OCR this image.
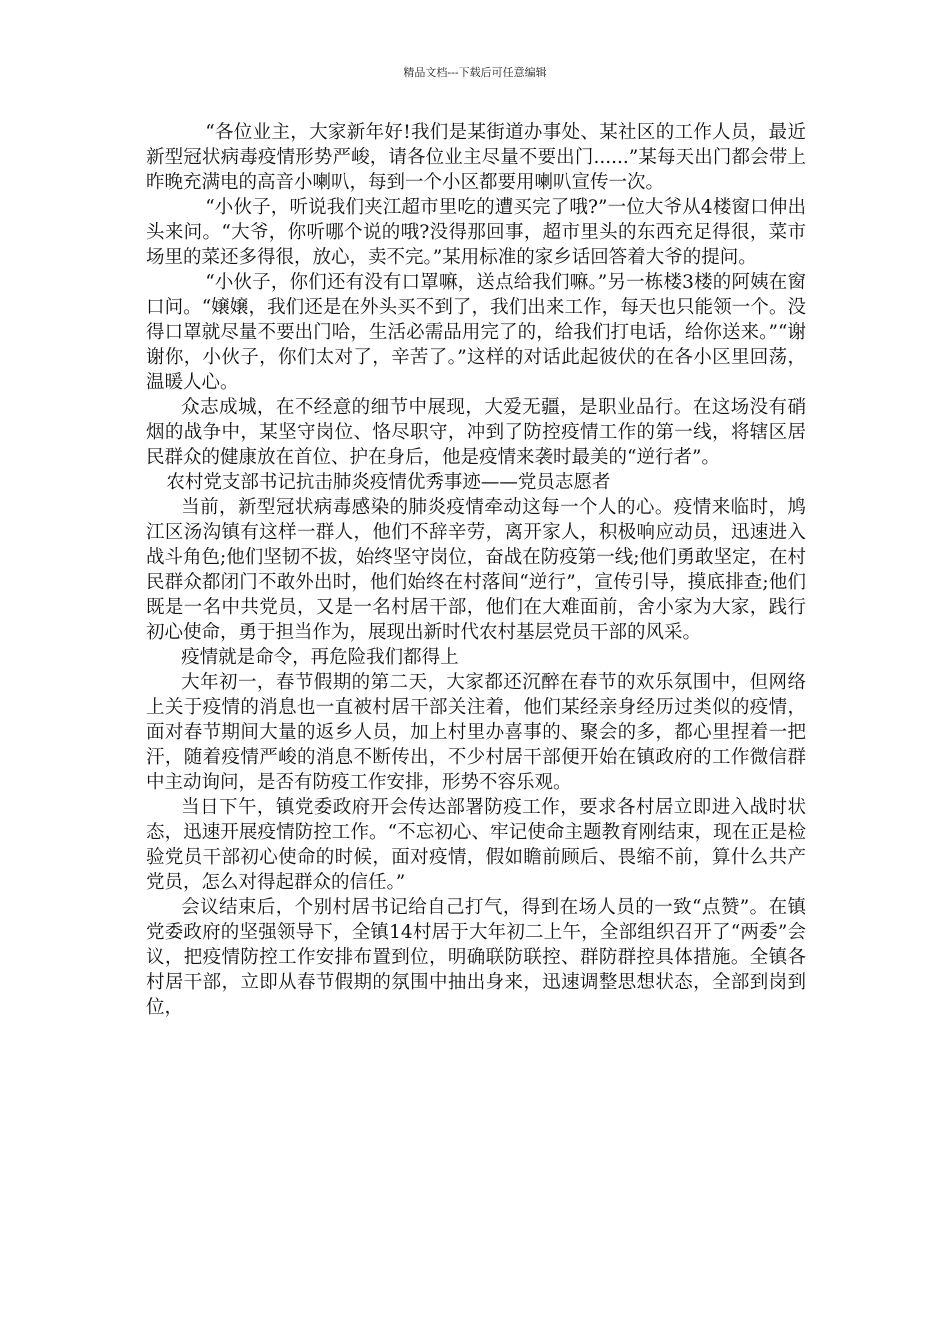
精品文档---下载后可任意编辑

“各位业主，大家新年好!我们是某街道办事处、某社区的工作人员，最近新型冠状病毒疫情形势严峻，请各位业主尽量不要出门......”某每天出门都会带上昨晚充满电的高音小喇叭，每到一个小区都要用喇叭宣传一次。

“小伙子，听说我们夹江超市里吃的遭买完了哦?”一位大爷从4楼窗口伸出头来问。“大爷，你听哪个说的哦?没得那回事，超市里头的东西充足得很，菜市场里的菜还多得很，放心，卖不完。”某用标准的家乡话回答着大爷的提问。

“小伙子，你们还有没有口罩嘛，送点给我们嘛。”另一栋楼3楼的阿姨在窗口问。“嬢嬢，我们还是在外头买不到了，我们出来工作，每天也只能领一个。没得口罩就尽量不要出门哈，生活必需品用完了的，给我们打电话，给你送来。”“谢谢你，小伙子，你们太对了，辛苦了。”这样的对话此起彼伏的在各小区里回荡，温暖人心。

众志成城，在不经意的细节中展现，大爱无疆，是职业品行。在这场没有硝烟的战争中，某坚守岗位、恪尽职守，冲到了防控疫情工作的第一线，将辖区居民群众的健康放在首位、护在身后，他是疫情来袭时最美的“逆行者”。

农村党支部书记抗击肺炎疫情优秀事迹——党员志愿者

当前，新型冠状病毒感染的肺炎疫情牵动这每一个人的心。疫情来临时，鸠江区汤沟镇有这样一群人，他们不辞辛劳，离开家人，积极响应动员，迅速进入战斗角色;他们坚韧不拔，始终坚守岗位，奋战在防疫第一线;他们勇敢坚定，在村民群众都闭门不敢外出时，他们始终在村落间“逆行”，宣传引导，摸底排查;他们既是一名中共党员，又是一名村居干部，他们在大难面前，舍小家为大家，践行初心使命，勇于担当作为，展现出新时代农村基层党员干部的风采。

疫情就是命令，再危险我们都得上

大年初一，春节假期的第二天，大家都还沉醉在春节的欢乐氛围中，但网络上关于疫情的消息也一直被村居干部关注着，他们某经亲身经历过类似的疫情，面对春节期间大量的返乡人员，加上村里办喜事的、聚会的多，都心里捏着一把汗，随着疫情严峻的消息不断传出，不少村居干部便开始在镇政府的工作微信群中主动询问，是否有防疫工作安排，形势不容乐观。

当日下午，镇党委政府开会传达部署防疫工作，要求各村居立即进入战时状态，迅速开展疫情防控工作。“不忘初心、牢记使命主题教育刚结束，现在正是检验党员干部初心使命的时候，面对疫情，假如瞻前顾后、畏缩不前，算什么共产党员，怎么对得起群众的信任。”

会议结束后，个别村居书记给自己打气，得到在场人员的一致“点赞”。在镇党委政府的坚强领导下，全镇14村居于大年初二上午，全部组织召开了“两委”会议，把疫情防控工作安排布置到位，明确联防联控、群防群控具体措施。全镇各村居干部，立即从春节假期的氛围中抽出身来，迅速调整思想状态，全部到岗到位，
